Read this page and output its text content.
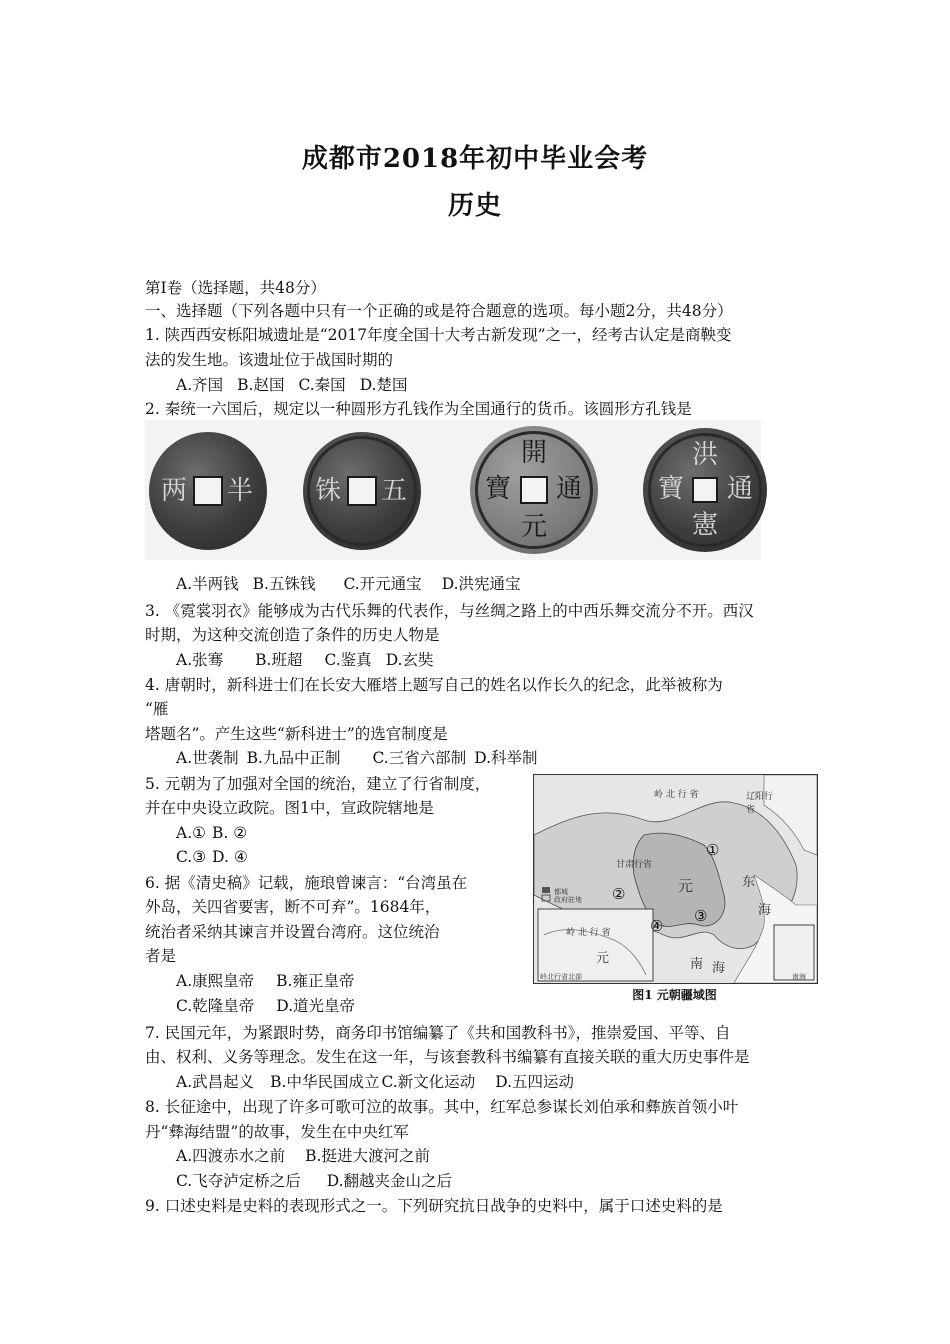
成都市2018年初中毕业会考
历史
第Ⅰ卷（选择题，共48分）
一、选择题（下列各题中只有一个正确的或是符合题意的选项。每小题2分，共48分）
1. 陕西西安栎阳城遗址是“2017年度全国十大考古新发现”之一，经考古认定是商鞅变
法的发生地。该遗址位于战国时期的
A.齐国 B.赵国 C.秦国 D.楚国
2. 秦统一六国后，规定以一种圆形方孔钱作为全国通行的货币。该圆形方孔钱是
两 半 铢 五
開
通
元
寶
洪
通
憲
寶
A.半两钱 B.五铢钱 C.开元通宝 D.洪宪通宝
3. 《霓裳羽衣》能够成为古代乐舞的代表作，与丝绸之路上的中西乐舞交流分不开。西汉
时期，为这种交流创造了条件的历史人物是
A.张骞 B.班超 C.鉴真 D.玄奘
4. 唐朝时，新科进士们在长安大雁塔上题写自己的姓名以作长久的纪念，此举被称为
“雁
塔题名”。产生这些“新科进士”的选官制度是
A.世袭制 B.九品中正制 C.三省六部制 D.科举制
5. 元朝为了加强对全国的统治，建立了行省制度，
并在中央设立政院。图1中，宣政院辖地是
A.① B. ②
C.③ D. ④
6. 据《清史稿》记载，施琅曾谏言：“台湾虽在
外岛，关四省要害，断不可弃”。1684年，
统治者采纳其谏言并设置台湾府。这位统治
者是
A.康熙皇帝 B.雍正皇帝
C.乾隆皇帝 D.道光皇帝
岭 北 行 省	辽阳行省
甘肃行省
都城
政府驻地
东
海
南 海
元
岭 北 行 省
元
岭北行省北部	南海
①
②
③
④
图1 元朝疆域图
7. 民国元年，为紧跟时势，商务印书馆编纂了《共和国教科书》，推崇爱国、平等、自
由、权利、义务等理念。发生在这一年，与该套教科书编纂有直接关联的重大历史事件是
A.武昌起义 B.中华民国成立 C.新文化运动 D.五四运动
8. 长征途中，出现了许多可歌可泣的故事。其中，红军总参谋长刘伯承和彝族首领小叶
丹“彝海结盟”的故事，发生在中央红军
A.四渡赤水之前 B.挺进大渡河之前
C.飞夺泸定桥之后 D.翻越夹金山之后
9. 口述史料是史料的表现形式之一。下列研究抗日战争的史料中，属于口述史料的是
